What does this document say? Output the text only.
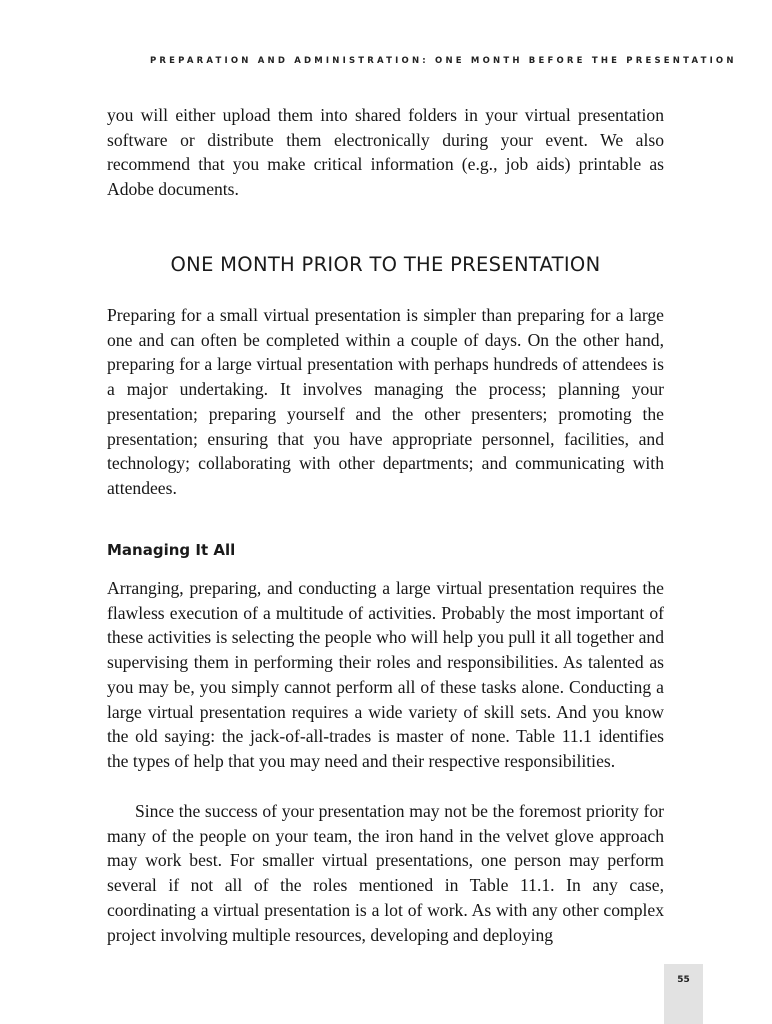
PREPARATION AND ADMINISTRATION: ONE MONTH BEFORE THE PRESENTATION

you will either upload them into shared folders in your virtual presentation software or distribute them electronically during your event. We also recommend that you make critical information (e.g., job aids) printable as Adobe documents.

ONE MONTH PRIOR TO THE PRESENTATION

Preparing for a small virtual presentation is simpler than preparing for a large one and can often be completed within a couple of days. On the other hand, preparing for a large virtual presentation with perhaps hundreds of attendees is a major undertaking. It involves managing the process; planning your presentation; preparing yourself and the other presenters; promoting the presentation; ensuring that you have appropriate personnel, facilities, and technology; collaborating with other departments; and communicating with attendees.

Managing It All

Arranging, preparing, and conducting a large virtual presentation requires the flawless execution of a multitude of activities. Probably the most important of these activities is selecting the people who will help you pull it all together and supervising them in performing their roles and responsibilities. As talented as you may be, you simply cannot perform all of these tasks alone. Conducting a large virtual presentation requires a wide variety of skill sets. And you know the old saying: the jack-of-all-trades is master of none. Table 11.1 identifies the types of help that you may need and their respective responsibilities.

Since the success of your presentation may not be the foremost priority for many of the people on your team, the iron hand in the velvet glove approach may work best. For smaller virtual presentations, one person may perform several if not all of the roles mentioned in Table 11.1. In any case, coordinating a virtual presentation is a lot of work. As with any other complex project involving multiple resources, developing and deploying

55
